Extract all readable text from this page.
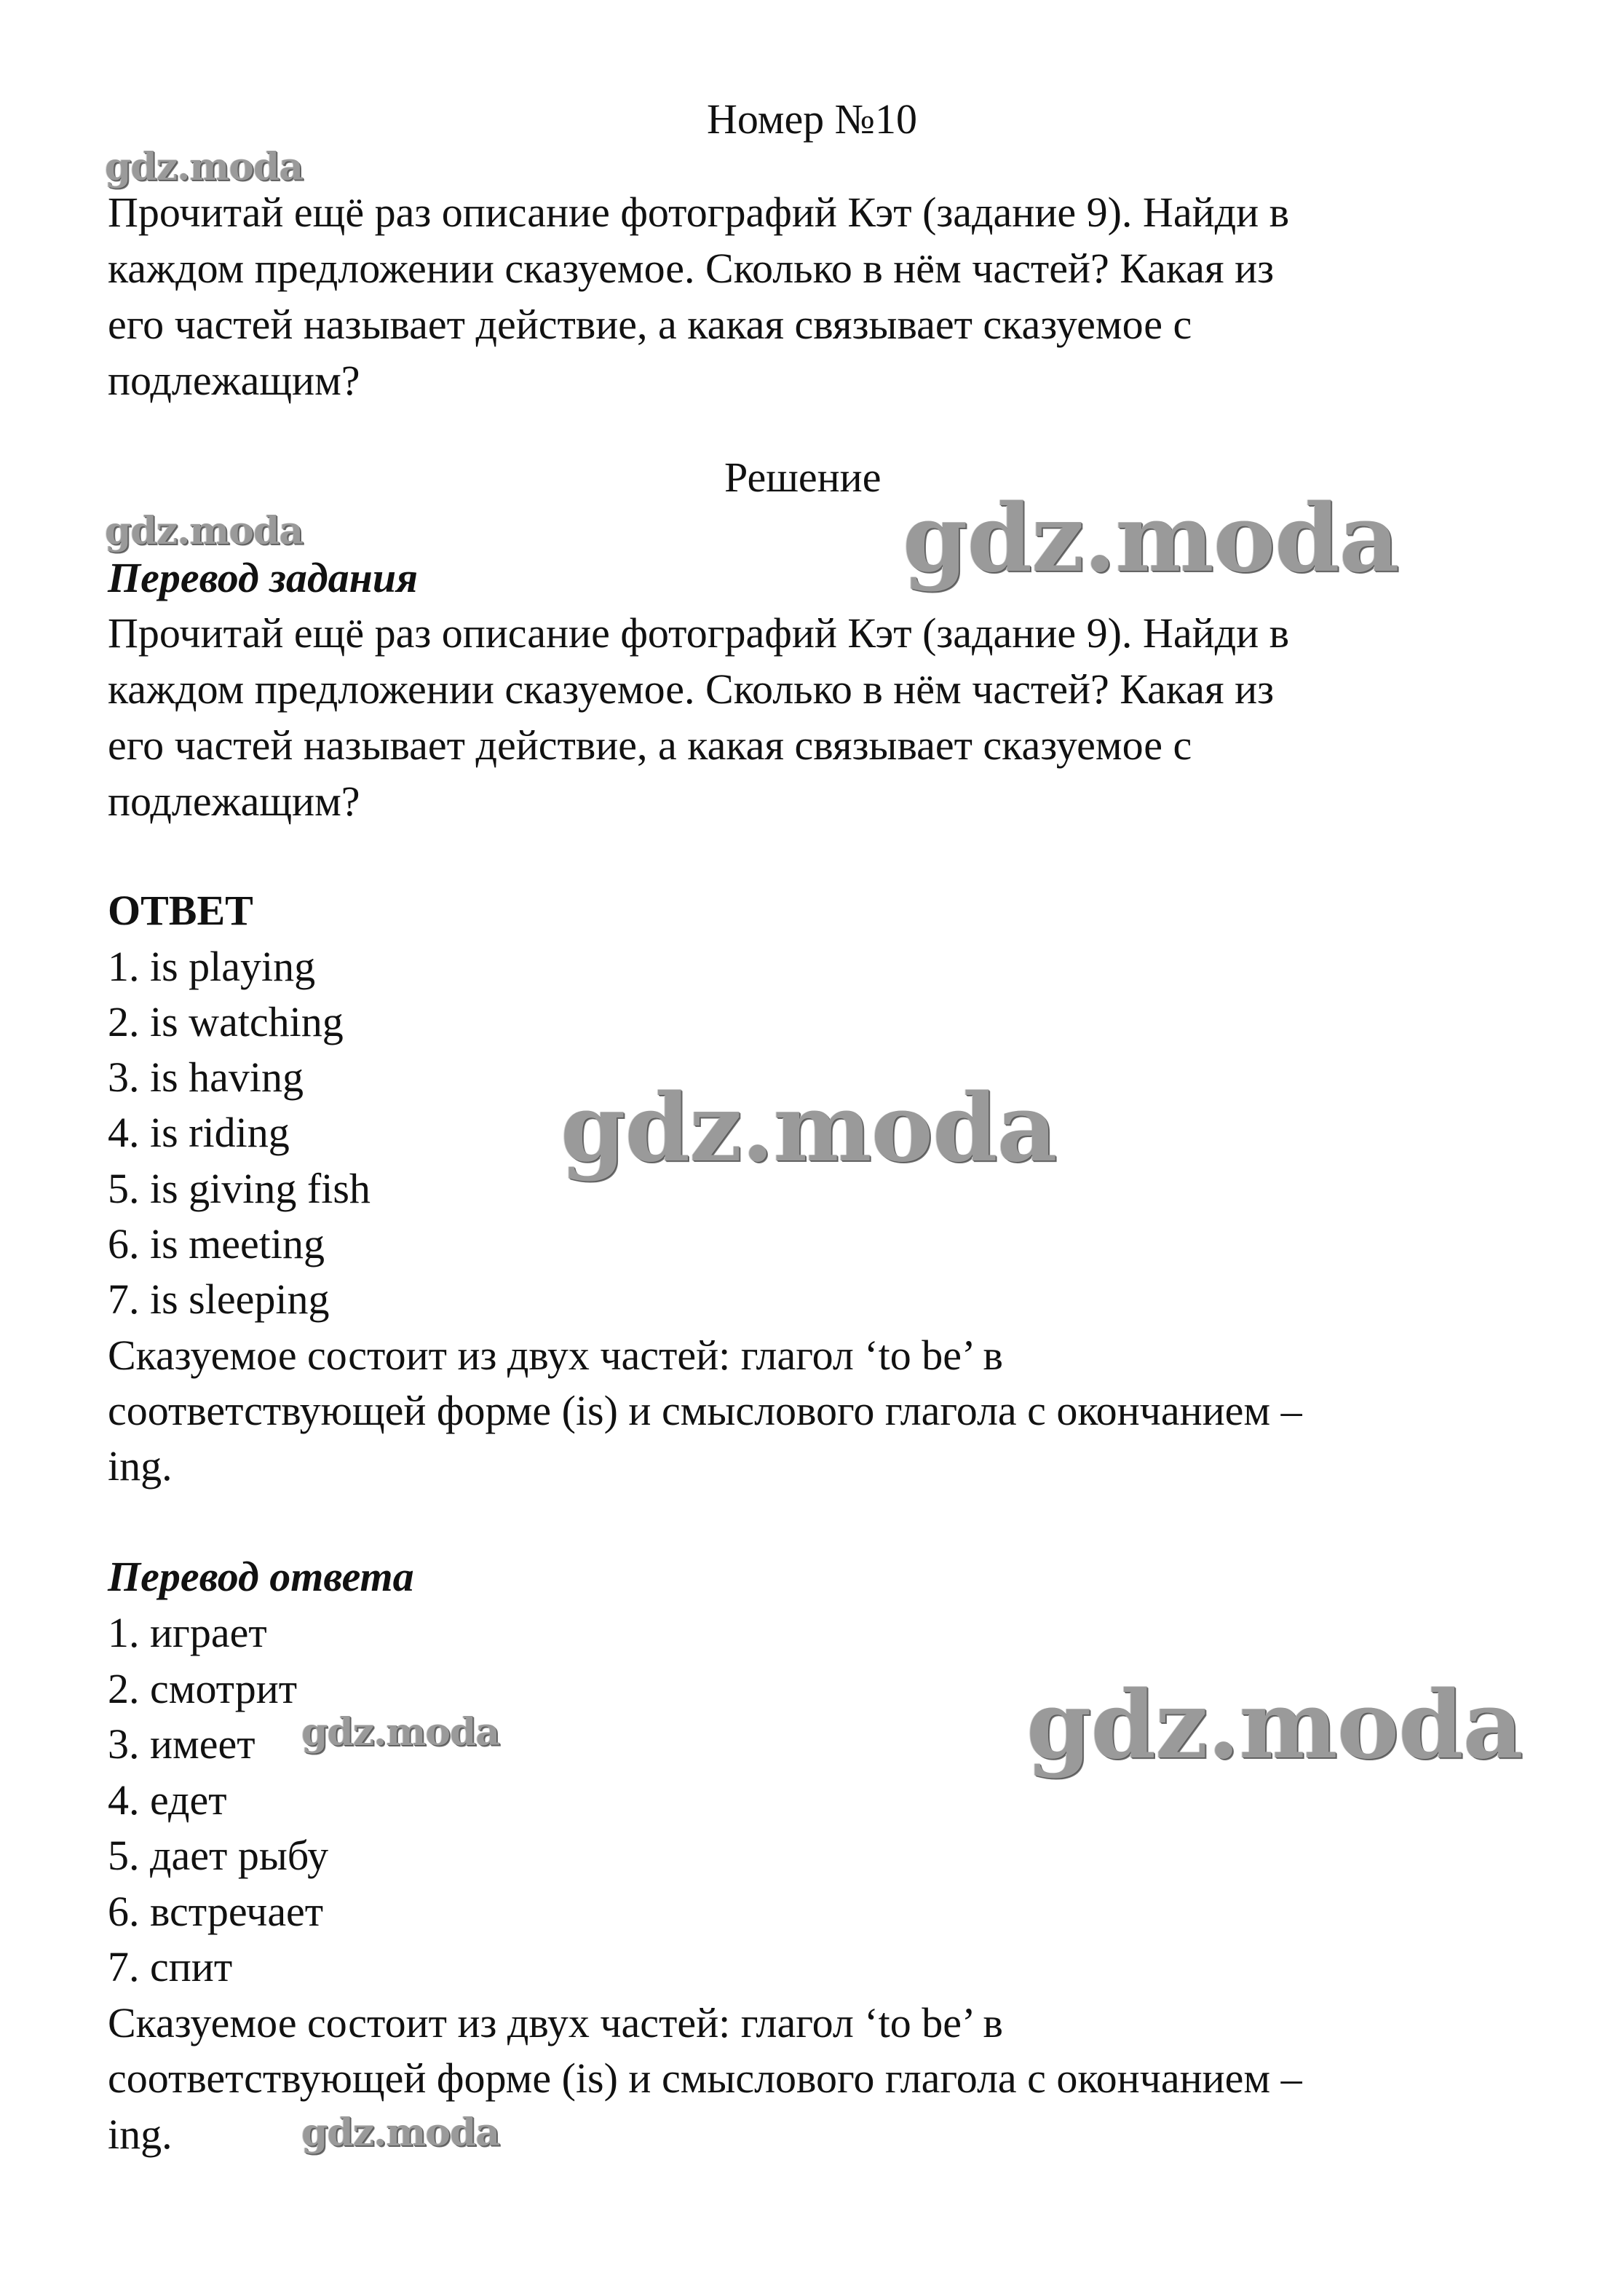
Номер №10
Прочитай ещё раз описание фотографий Кэт (задание 9). Найди в
каждом предложении сказуемое. Сколько в нём частей? Какая из
его частей называет действие, а какая связывает сказуемое с
подлежащим?
Решение
Перевод задания
Прочитай ещё раз описание фотографий Кэт (задание 9). Найди в
каждом предложении сказуемое. Сколько в нём частей? Какая из
его частей называет действие, а какая связывает сказуемое с
подлежащим?
ОТВЕТ
1. is playing
2. is watching
3. is having
4. is riding
5. is giving fish
6. is meeting
7. is sleeping
Сказуемое состоит из двух частей: глагол ‘to be’ в
соответствующей форме (is) и смыслового глагола с окончанием –
ing.
Перевод ответа
1. играет
2. смотрит
3. имеет
4. едет
5. дает рыбу
6. встречает
7. спит
Сказуемое состоит из двух частей: глагол ‘to be’ в
соответствующей форме (is) и смыслового глагола с окончанием –
ing.
gdz.moda
gdz.moda	gdz.moda
gdz.moda
gdz.moda	gdz.moda
gdz.moda
